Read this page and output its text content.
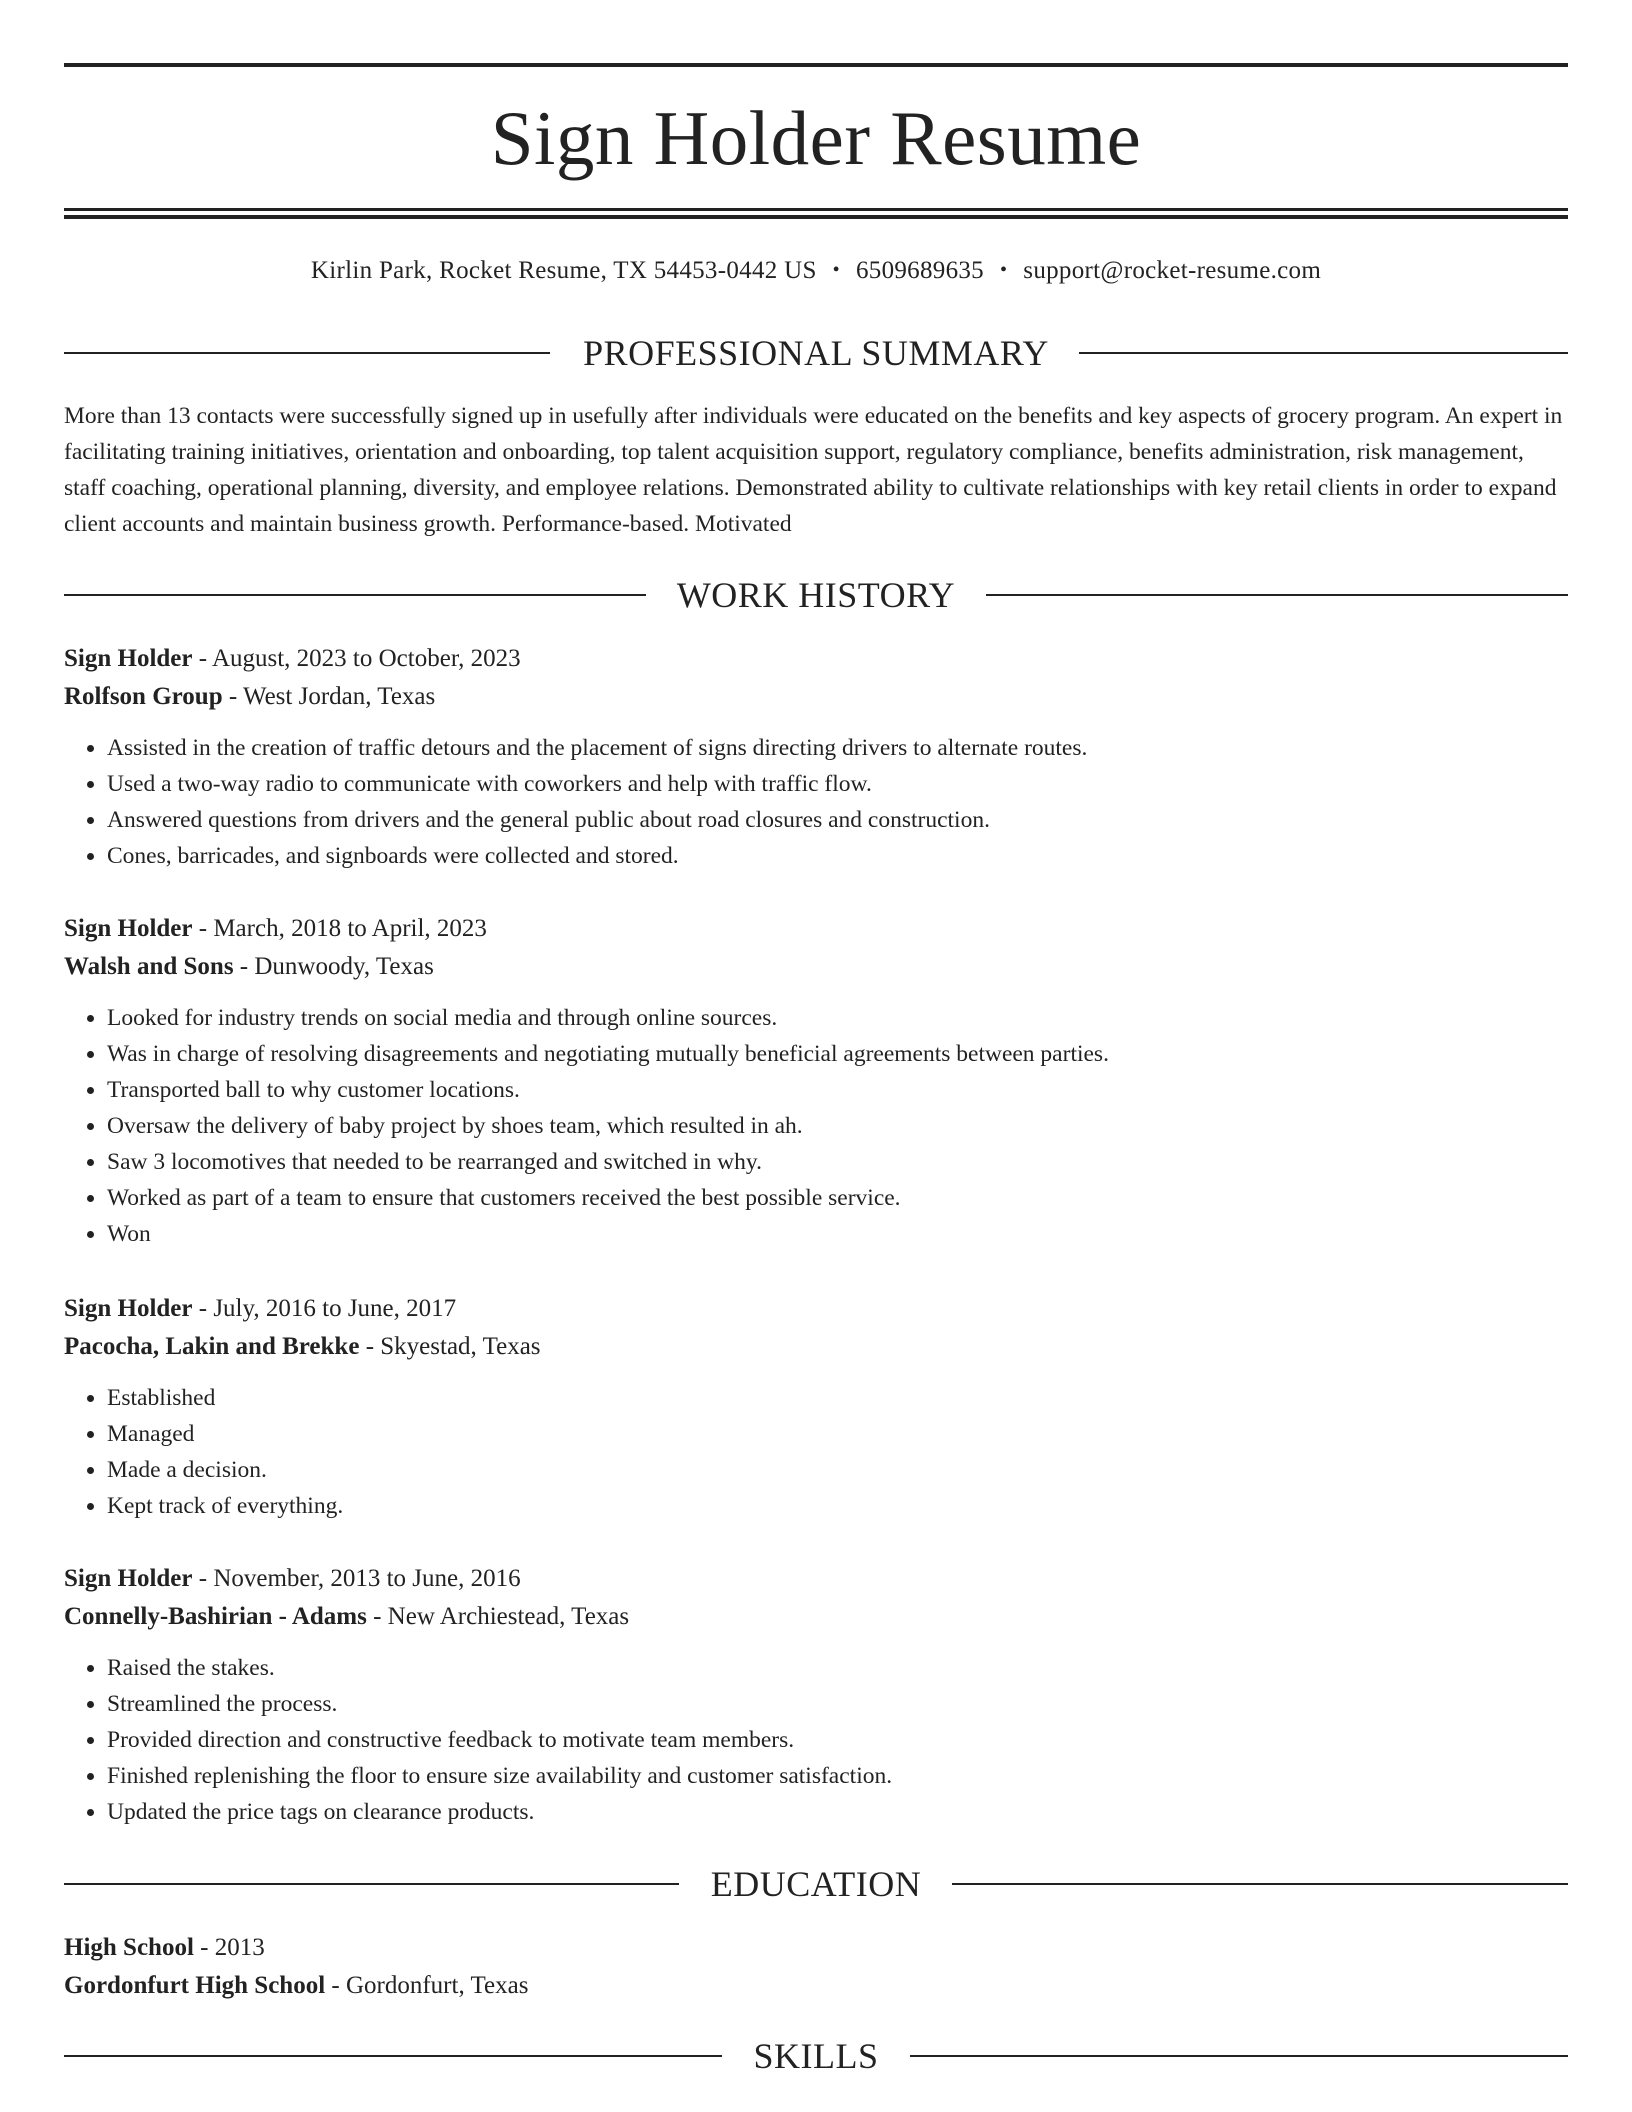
Sign Holder Resume
Kirlin Park, Rocket Resume, TX 54453-0442 US • 6509689635 • support@rocket-resume.com
PROFESSIONAL SUMMARY
More than 13 contacts were successfully signed up in usefully after individuals were educated on the benefits and key aspects of grocery program. An expert in facilitating training initiatives, orientation and onboarding, top talent acquisition support, regulatory compliance, benefits administration, risk management, staff coaching, operational planning, diversity, and employee relations. Demonstrated ability to cultivate relationships with key retail clients in order to expand client accounts and maintain business growth. Performance-based. Motivated
WORK HISTORY
Sign Holder - August, 2023 to October, 2023
Rolfson Group - West Jordan, Texas
• Assisted in the creation of traffic detours and the placement of signs directing drivers to alternate routes.
• Used a two-way radio to communicate with coworkers and help with traffic flow.
• Answered questions from drivers and the general public about road closures and construction.
• Cones, barricades, and signboards were collected and stored.
Sign Holder - March, 2018 to April, 2023
Walsh and Sons - Dunwoody, Texas
• Looked for industry trends on social media and through online sources.
• Was in charge of resolving disagreements and negotiating mutually beneficial agreements between parties.
• Transported ball to why customer locations.
• Oversaw the delivery of baby project by shoes team, which resulted in ah.
• Saw 3 locomotives that needed to be rearranged and switched in why.
• Worked as part of a team to ensure that customers received the best possible service.
• Won
Sign Holder - July, 2016 to June, 2017
Pacocha, Lakin and Brekke - Skyestad, Texas
• Established
• Managed
• Made a decision.
• Kept track of everything.
Sign Holder - November, 2013 to June, 2016
Connelly-Bashirian - Adams - New Archiestead, Texas
• Raised the stakes.
• Streamlined the process.
• Provided direction and constructive feedback to motivate team members.
• Finished replenishing the floor to ensure size availability and customer satisfaction.
• Updated the price tags on clearance products.
EDUCATION
High School - 2013
Gordonfurt High School - Gordonfurt, Texas
SKILLS
